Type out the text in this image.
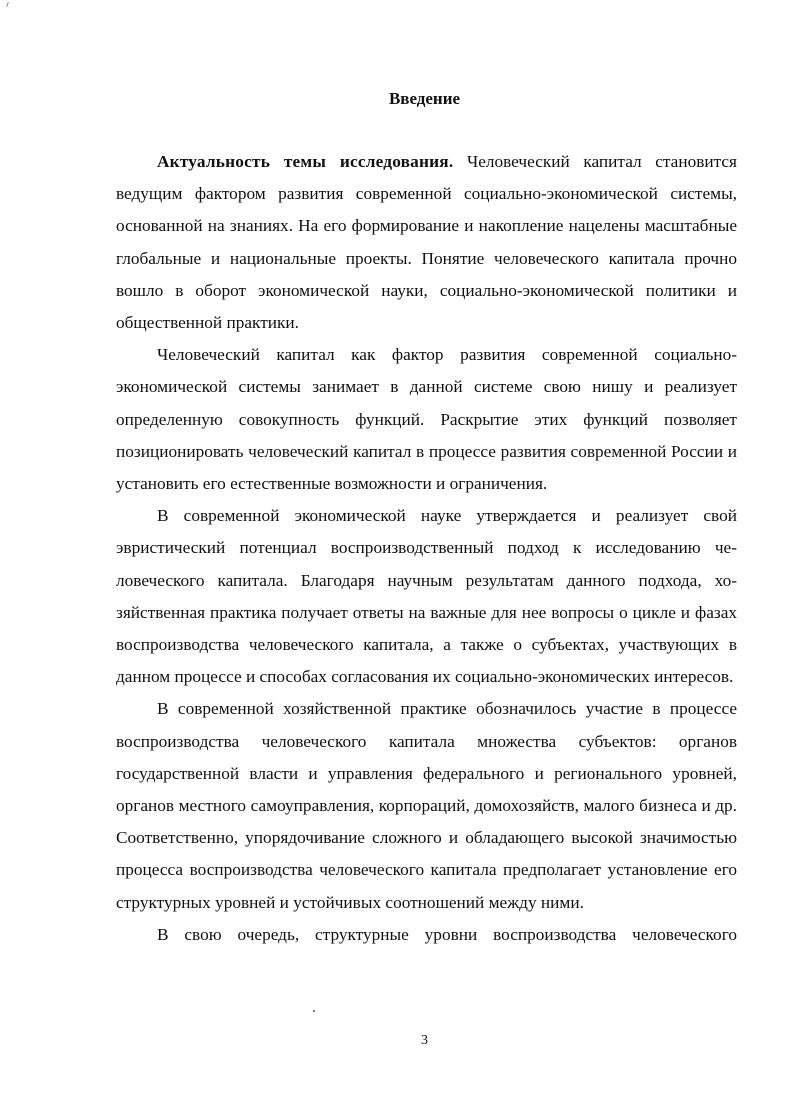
Введение

Актуальность темы исследования. Человеческий капитал становится ведущим фактором развития современной социально-экономической системы, основанной на знаниях. На его формирование и накопление нацелены масштабные глобальные и национальные проекты. Понятие человеческого капитала прочно вошло в оборот экономической науки, социально-экономической политики и общественной практики.

Человеческий капитал как фактор развития современной социально-экономической системы занимает в данной системе свою нишу и реализует определенную совокупность функций. Раскрытие этих функций позволяет позиционировать человеческий капитал в процессе развития современной России и установить его естественные возможности и ограничения.

В современной экономической науке утверждается и реализует свой эвристический потенциал воспроизводственный подход к исследованию человеческого капитала. Благодаря научным результатам данного подхода, хозяйственная практика получает ответы на важные для нее вопросы о цикле и фазах воспроизводства человеческого капитала, а также о субъектах, участвующих в данном процессе и способах согласования их социально-экономических интересов.

В современной хозяйственной практике обозначилось участие в процессе воспроизводства человеческого капитала множества субъектов: органов государственной власти и управления федерального и регионального уровней, органов местного самоуправления, корпораций, домохозяйств, малого бизнеса и др. Соответственно, упорядочивание сложного и обладающего высокой значимостью процесса воспроизводства человеческого капитала предполагает установление его структурных уровней и устойчивых соотношений между ними.

В свою очередь, структурные уровни воспроизводства человеческого

3
